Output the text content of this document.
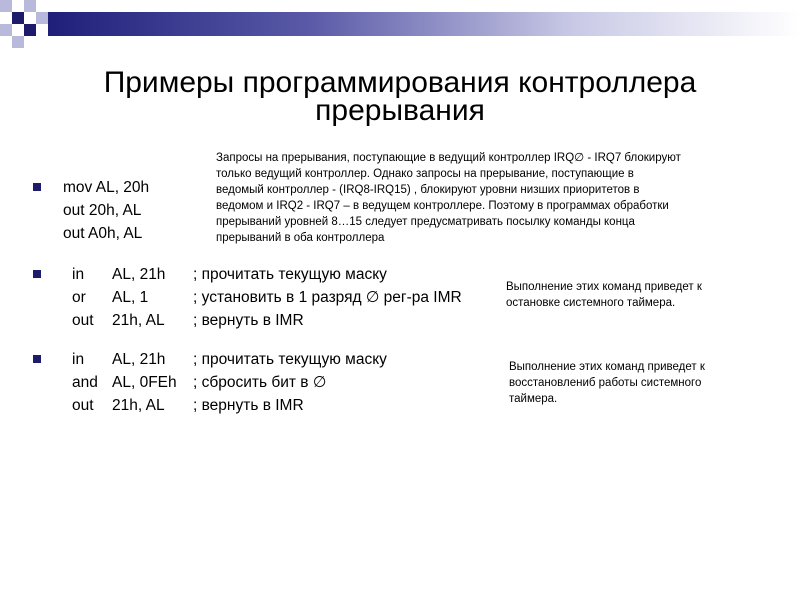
Примеры программирования контроллера
прерывания
Запросы на прерывания, поступающие в ведущий контроллер IRQ∅ - IRQ7 блокируют
только ведущий контроллер. Однако запросы на прерывание, поступающие в
ведомый контроллер - (IRQ8-IRQ15) , блокируют уровни низших приоритетов в
ведомом и IRQ2 - IRQ7 – в ведущем контроллере. Поэтому в программах обработки
прерываний уровней 8…15 следует предусматривать посылку команды конца
прерываний в оба контроллера
Выполнение этих команд приведет к
остановке системного таймера.
Выполнение этих команд приведет к
восстановлениб работы системного
таймера.
mov AL, 20h
out 20h, AL
out A0h, AL
in AL, 21h ; прочитать текущую маску
or AL, 1	; установить в 1 разряд ∅ рег-ра IMR
out 21h, AL ; вернуть в IMR
in AL, 21h ; прочитать текущую маску
and AL, 0FEh ; сбросить бит в ∅
out 21h, AL ; вернуть в IMR
